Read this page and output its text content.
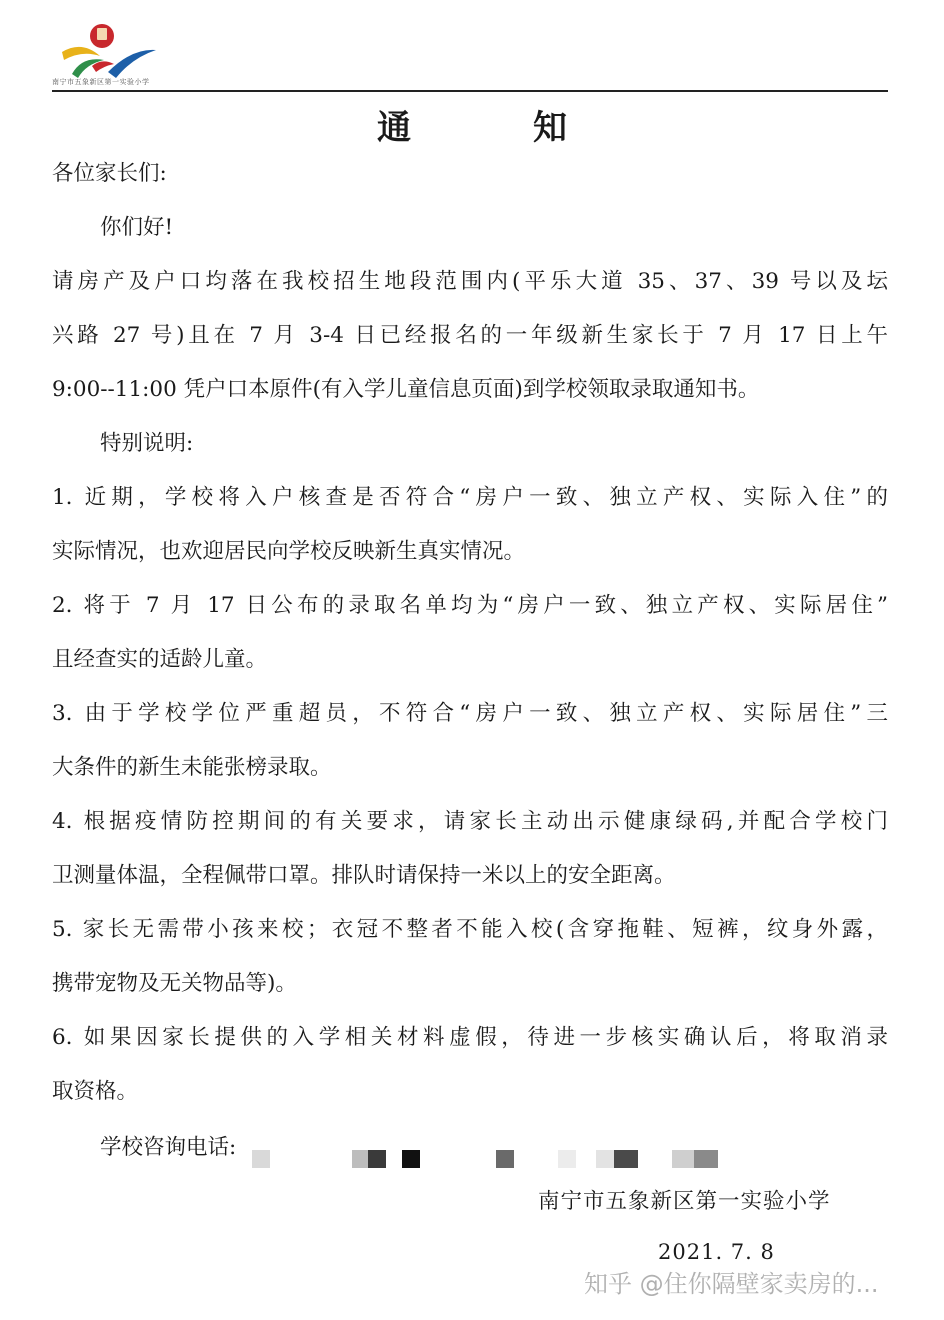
南宁市五象新区第一实验小学
通　知
各位家长们:
你们好!
请房产及户口均落在我校招生地段范围内(平乐大道 35、37、39 号以及坛
兴路 27 号)且在 7 月 3-4 日已经报名的一年级新生家长于 7 月 17 日上午
9:00--11:00 凭户口本原件(有入学儿童信息页面)到学校领取录取通知书。
特别说明:
1. 近期，学校将入户核查是否符合“房户一致、独立产权、实际入住”的
实际情况，也欢迎居民向学校反映新生真实情况。
2. 将于 7 月 17 日公布的录取名单均为“房户一致、独立产权、实际居住”
且经查实的适龄儿童。
3. 由于学校学位严重超员，不符合“房户一致、独立产权、实际居住”三
大条件的新生未能张榜录取。
4. 根据疫情防控期间的有关要求，请家长主动出示健康绿码,并配合学校门
卫测量体温，全程佩带口罩。排队时请保持一米以上的安全距离。
5. 家长无需带小孩来校；衣冠不整者不能入校(含穿拖鞋、短裤，纹身外露，
携带宠物及无关物品等)。
6. 如果因家长提供的入学相关材料虚假，待进一步核实确认后，将取消录
取资格。
学校咨询电话:
南宁市五象新区第一实验小学
2021. 7. 8
知乎 @住你隔壁家卖房的...
